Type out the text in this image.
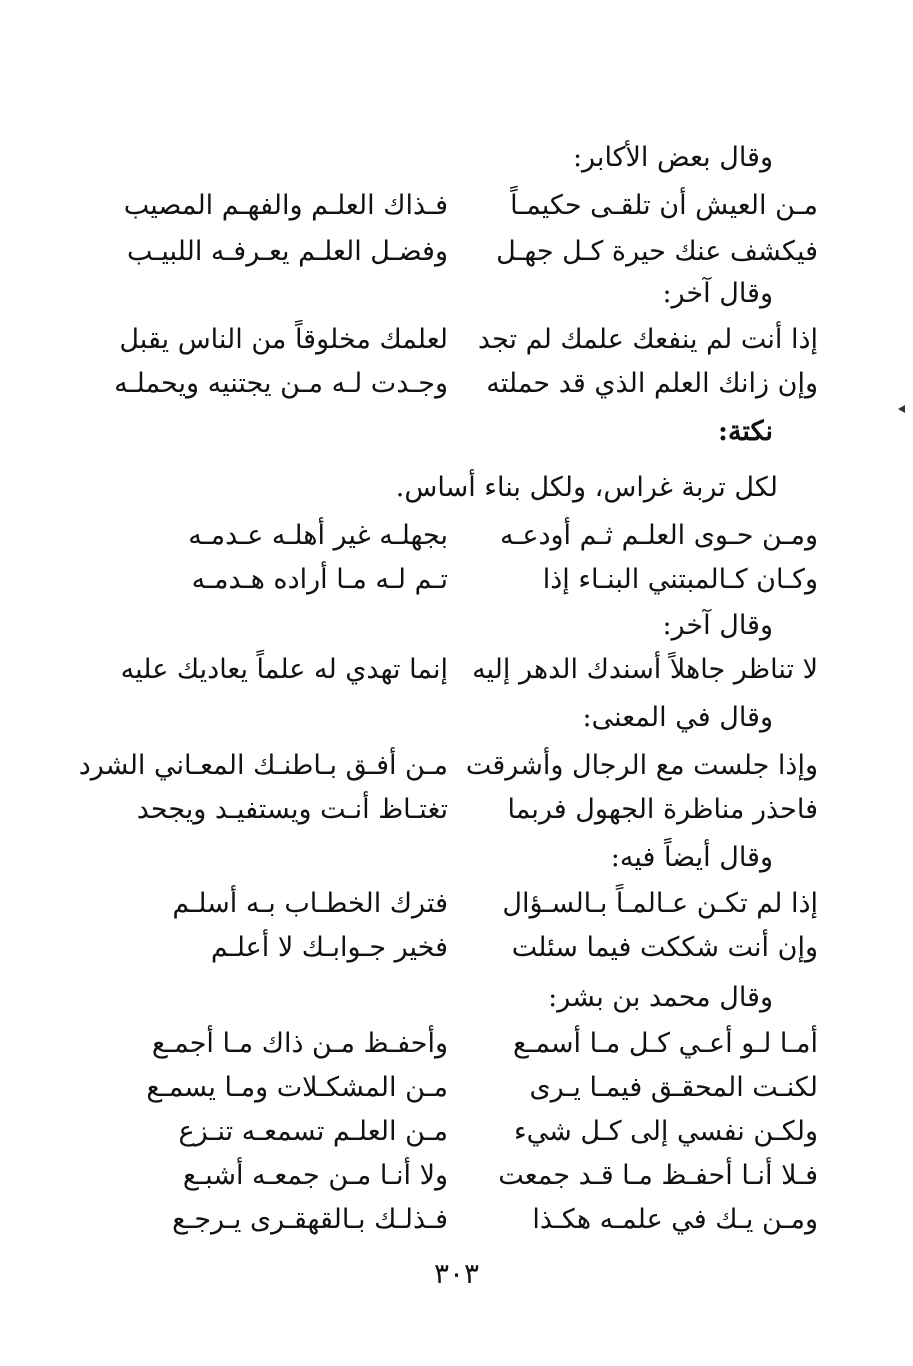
وقال بعض الأكابر:
مـن العيش أن تلقـى حكيمـاً
فـذاك العلـم والفهـم المصيب
فيكشف عنك حيرة كـل جهـل
وفضـل العلـم يعـرفـه اللبيـب
وقال آخر:
إذا أنت لم ينفعك علمك لم تجد
لعلمك مخلوقاً من الناس يقبل
وإن زانك العلم الذي قد حملته
وجـدت لـه مـن يجتنيه ويحملـه
نكتة:
لكل تربة غراس، ولكل بناء أساس.
ومـن حـوى العلـم ثـم أودعـه
بجهلـه غير أهلـه عـدمـه
وكـان كـالمبتني البنـاء إذا
تـم لـه مـا أراده هـدمـه
وقال آخر:
لا تناظر جاهلاً أسندك الدهر إليه
إنما تهدي له علماً يعاديك عليه
وقال في المعنى:
وإذا جلست مع الرجال وأشرقت
مـن أفـق بـاطنـك المعـاني الشرد
فاحذر مناظرة الجهول فربما
تغتـاظ أنـت ويستفيـد ويجحد
وقال أيضاً فيه:
إذا لم تكـن عـالمـاً بـالسـؤال
فترك الخطـاب بـه أسلـم
وإن أنت شككت فيما سئلت
فخير جـوابـك لا أعلـم
وقال محمد بن بشر:
أمـا لـو أعـي كـل مـا أسمـع
وأحفـظ مـن ذاك مـا أجمـع
لكنـت المحقـق فيمـا يـرى
مـن المشكـلات ومـا يسمـع
ولكـن نفسي إلى كـل شيء
مـن العلـم تسمعـه تنـزع
فـلا أنـا أحفـظ مـا قـد جمعت
ولا أنـا مـن جمعـه أشبـع
ومـن يـك في علمـه هكـذا
فـذلـك بـالقهقـرى يـرجـع
٣٠٣
